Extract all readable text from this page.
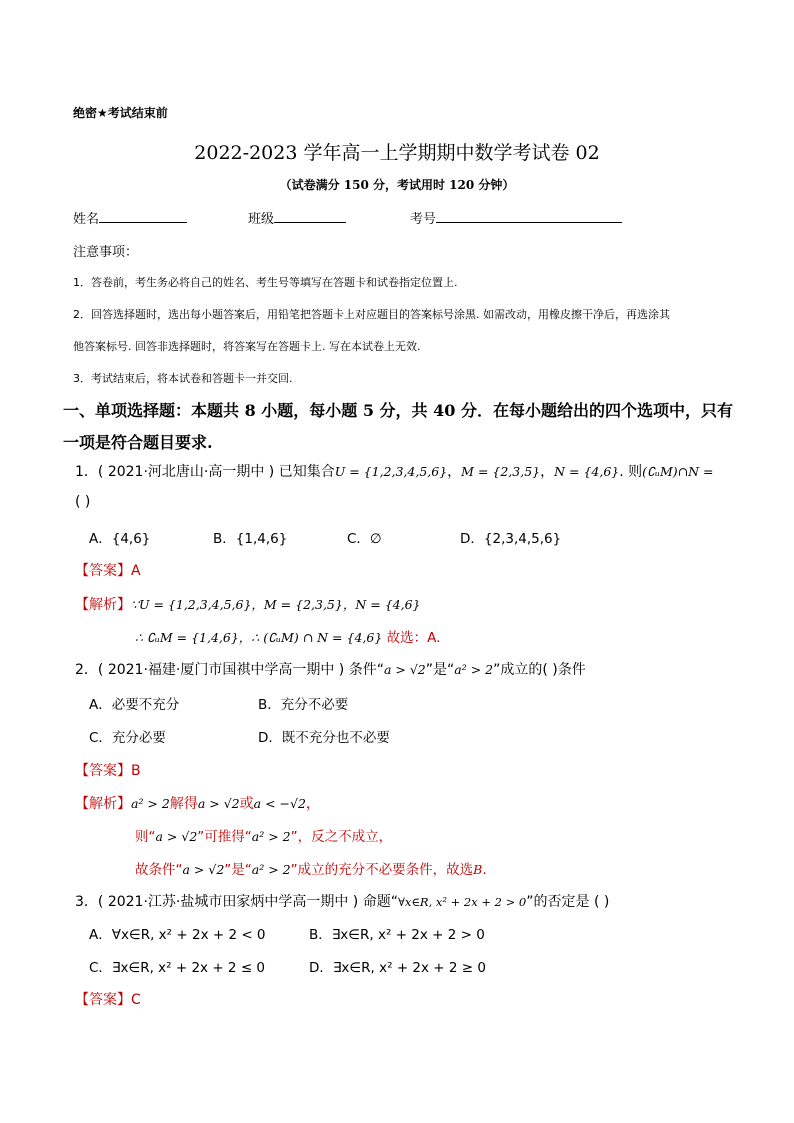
绝密★考试结束前
2022-2023 学年高一上学期期中数学考试卷 02
（试卷满分 150 分，考试用时 120 分钟）
姓名	班级	考号
注意事项：
1．答卷前，考生务必将自己的姓名、考生号等填写在答题卡和试卷指定位置上.
2．回答选择题时，选出每小题答案后，用铅笔把答题卡上对应题目的答案标号涂黑. 如需改动，用橡皮擦干净后，再选涂其
他答案标号. 回答非选择题时，将答案写在答题卡上. 写在本试卷上无效.
3．考试结束后，将本试卷和答题卡一并交回.
一、单项选择题：本题共 8 小题，每小题 5 分，共 40 分．在每小题给出的四个选项中，只有
一项是符合题目要求.
1．( 2021·河北唐山·高一期中 ) 已知集合U = {1,2,3,4,5,6}，M = {2,3,5}，N = {4,6}. 则(∁ᵤM)∩N =
( )
A．{4,6}	B．{1,4,6}	C．∅	D．{2,3,4,5,6}
【答案】A
【解析】∵U = {1,2,3,4,5,6}，M = {2,3,5}，N = {4,6}
∴ ∁ᵤM = {1,4,6}，∴ (∁ᵤM) ∩ N = {4,6} 故选：A.
2．( 2021·福建·厦门市国祺中学高一期中 ) 条件“a > √2”是“a² > 2”成立的( )条件
A．必要不充分	B．充分不必要
C．充分必要	D．既不充分也不必要
【答案】B
【解析】a² > 2解得a > √2或a < −√2，
则“a > √2”可推得“a² > 2”，反之不成立，
故条件“a > √2”是“a² > 2”成立的充分不必要条件，故选B.
3．( 2021·江苏·盐城市田家炳中学高一期中 ) 命题“∀x∈R, x² + 2x + 2 > 0”的否定是 ( )
A．∀x∈R, x² + 2x + 2 < 0	B．∃x∈R, x² + 2x + 2 > 0
C．∃x∈R, x² + 2x + 2 ≤ 0	D．∃x∈R, x² + 2x + 2 ≥ 0
【答案】C
